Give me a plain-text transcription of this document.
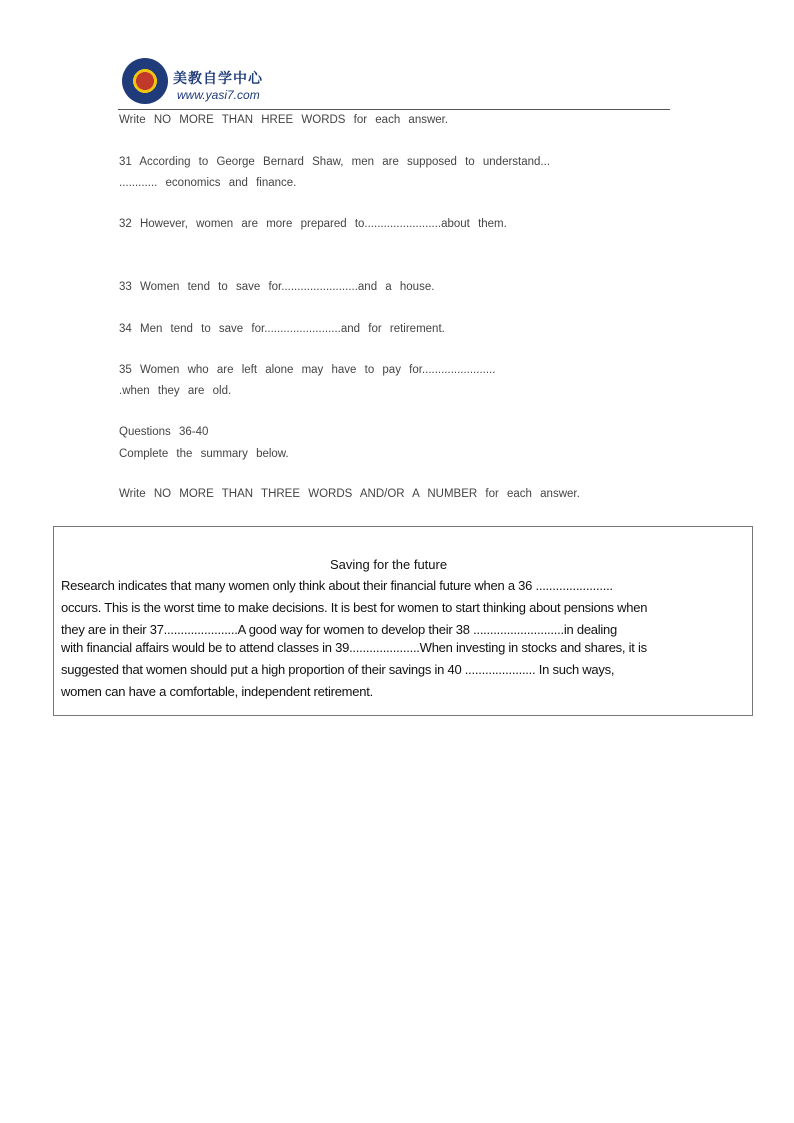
美教自学中心
www.yasi7.com
Write NO MORE THAN HREE WORDS for each answer.
31 According to George Bernard Shaw, men are supposed to understand...
............ economics and finance.
32 However, women are more prepared to........................about them.
33 Women tend to save for........................and a house.
34 Men tend to save for........................and for retirement.
35 Women who are left alone may have to pay for.......................
.when they are old.
Questions 36-40
Complete the summary below.
Write NO MORE THAN THREE WORDS AND/OR A NUMBER for each answer.
Saving for the future
Research indicates that many women only think about their financial future when a 36 .......................
occurs. This is the worst time to make decisions. It is best for women to start thinking about pensions when
they are in their 37......................A good way for women to develop their 38 ...........................in dealing
with financial affairs would be to attend classes in 39.....................When investing in stocks and shares, it is
suggested that women should put a high proportion of their savings in 40 ..................... In such ways,
women can have a comfortable, independent retirement.
